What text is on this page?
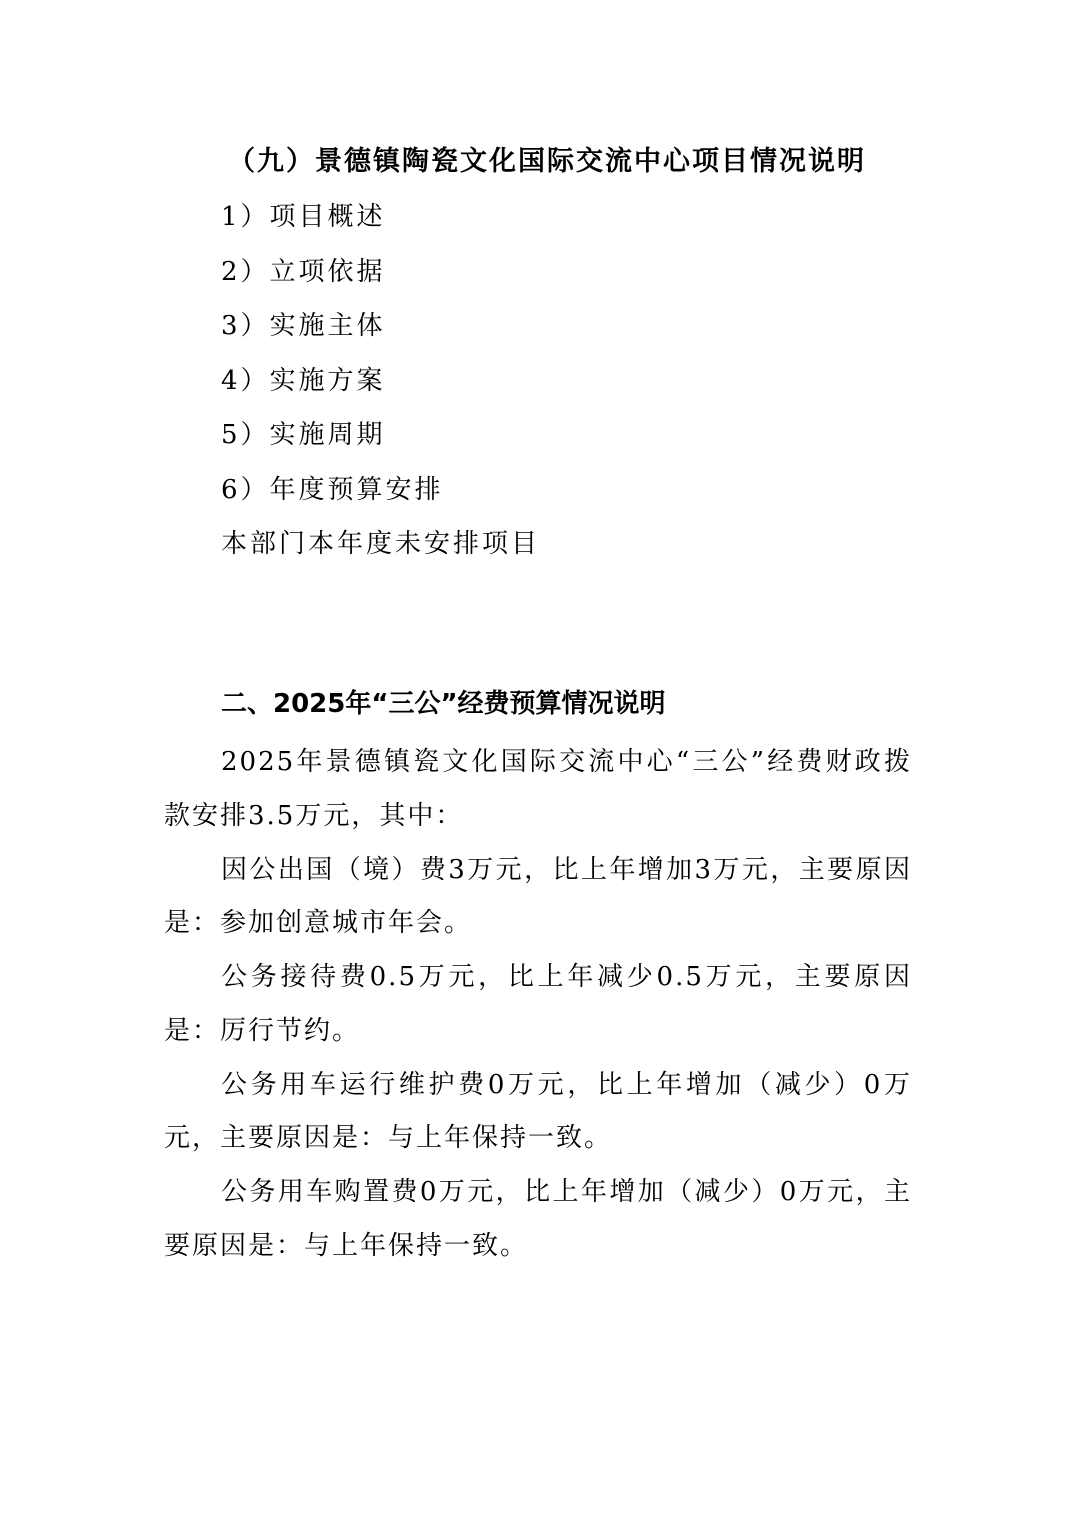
（九）景德镇陶瓷文化国际交流中心项目情况说明
1）项目概述
2）立项依据
3）实施主体
4）实施方案
5）实施周期
6）年度预算安排
本部门本年度未安排项目
二、2025年“三公”经费预算情况说明

2025年景德镇瓷文化国际交流中心“三公”经费财政拨款安排3.5万元，其中：

因公出国（境）费3万元，比上年增加3万元，主要原因是：参加创意城市年会。

公务接待费0.5万元，比上年减少0.5万元，主要原因是：厉行节约。

公务用车运行维护费0万元，比上年增加（减少）0万元，主要原因是：与上年保持一致。

公务用车购置费0万元，比上年增加（减少）0万元，主要原因是：与上年保持一致。
